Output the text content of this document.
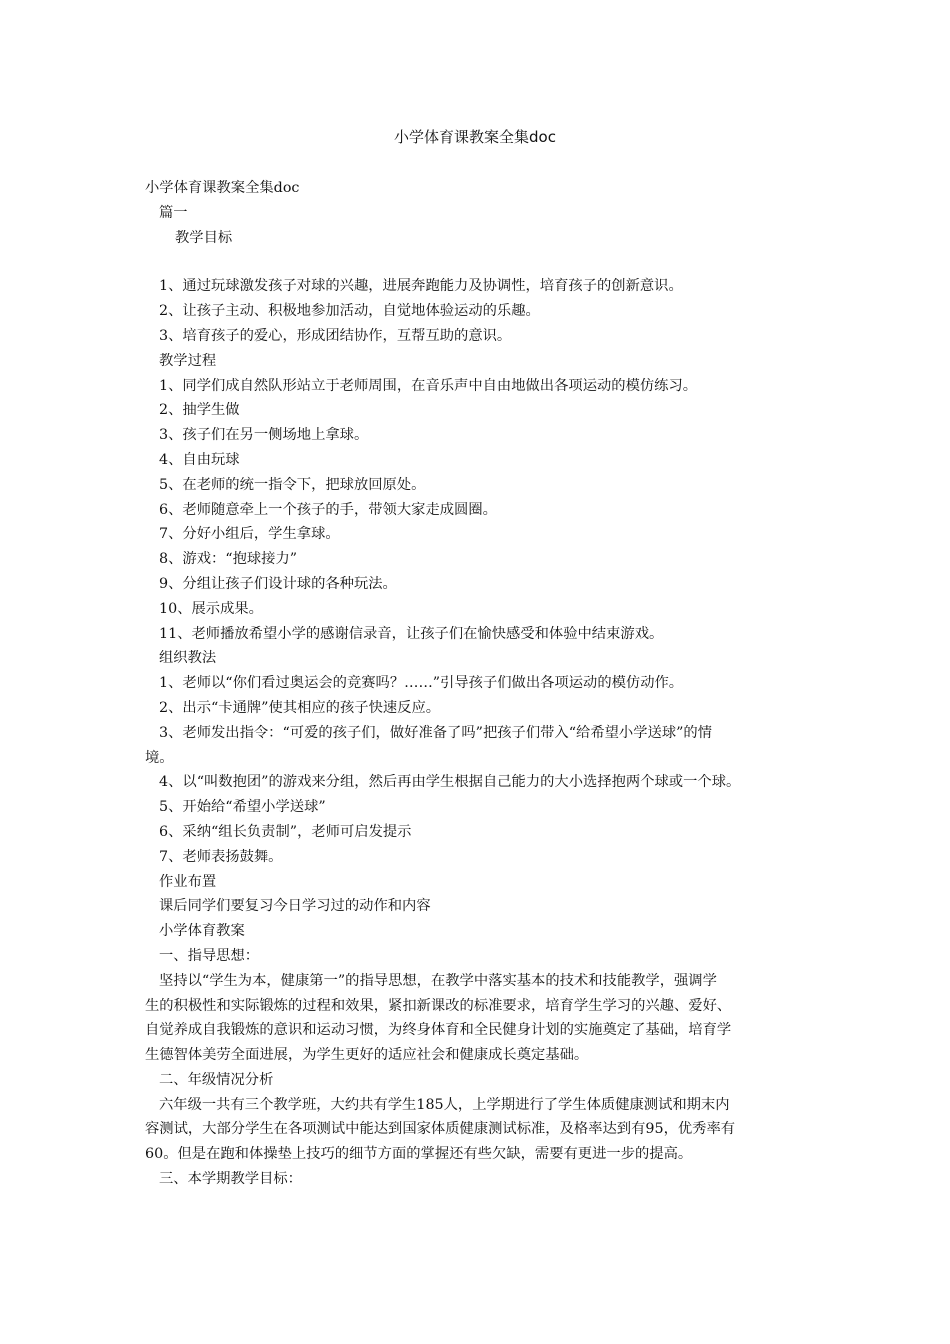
小学体育课教案全集doc
小学体育课教案全集doc
篇一
教学目标
1、通过玩球激发孩子对球的兴趣，进展奔跑能力及协调性，培育孩子的创新意识。
2、让孩子主动、积极地参加活动，自觉地体验运动的乐趣。
3、培育孩子的爱心，形成团结协作，互帮互助的意识。
教学过程
1、同学们成自然队形站立于老师周围，在音乐声中自由地做出各项运动的模仿练习。
2、抽学生做
3、孩子们在另一侧场地上拿球。
4、自由玩球
5、在老师的统一指令下，把球放回原处。
6、老师随意牵上一个孩子的手，带领大家走成圆圈。
7、分好小组后，学生拿球。
8、游戏：“抱球接力”
9、分组让孩子们设计球的各种玩法。
10、展示成果。
11、老师播放希望小学的感谢信录音，让孩子们在愉快感受和体验中结束游戏。
组织教法
1、老师以“你们看过奥运会的竞赛吗？……”引导孩子们做出各项运动的模仿动作。
2、出示“卡通牌”使其相应的孩子快速反应。
3、老师发出指令：“可爱的孩子们，做好准备了吗”把孩子们带入“给希望小学送球”的情
境。
4、以“叫数抱团”的游戏来分组，然后再由学生根据自己能力的大小选择抱两个球或一个球。
5、开始给“希望小学送球”
6、采纳“组长负责制”，老师可启发提示
7、老师表扬鼓舞。
作业布置
课后同学们要复习今日学习过的动作和内容
小学体育教案
一、指导思想：
坚持以“学生为本，健康第一”的指导思想，在教学中落实基本的技术和技能教学，强调学
生的积极性和实际锻炼的过程和效果，紧扣新课改的标准要求，培育学生学习的兴趣、爱好、
自觉养成自我锻炼的意识和运动习惯，为终身体育和全民健身计划的实施奠定了基础，培育学
生德智体美劳全面进展，为学生更好的适应社会和健康成长奠定基础。
二、年级情况分析
六年级一共有三个教学班，大约共有学生185人，上学期进行了学生体质健康测试和期末内
容测试，大部分学生在各项测试中能达到国家体质健康测试标准，及格率达到有95，优秀率有
60。但是在跑和体操垫上技巧的细节方面的掌握还有些欠缺，需要有更进一步的提高。
三、本学期教学目标：
